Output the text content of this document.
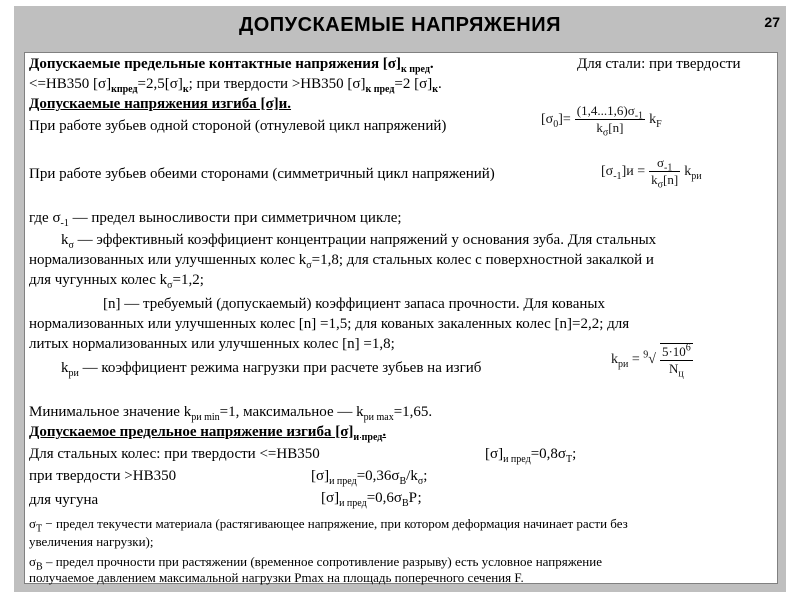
ДОПУСКАЕМЫЕ НАПРЯЖЕНИЯ	27
Допускаемые предельные контактные напряжения $[\sigma]_{к пред}$.	Для стали: при твердости
<=НВ350 $[\sigma]_{кпред}=2,5[\sigma]_к$; при твердости >НВ350 $[\sigma]_{к пред}=2$ $[\sigma]_к$.
Допускаемые напряжения изгиба [σ]и.
При работе зубьев одной стороной (отнулевой цикл напряжений)	$[\sigma_0]= \frac{(1,4...1,6)\sigma_{-1}}{k_\sigma[n]} k_F$
При работе зубьев обеими сторонами (симметричный цикл напряжений)	$[\sigma_{-1}]и = \frac{\sigma_{-1}}{k_\sigma[n]} k_{ри}$
где $\sigma_{-1}$ — предел выносливости при симметричном цикле;
$k_\sigma$ — эффективный коэффициент концентрации напряжений у основания зуба. Для стальных
нормализованных или улучшенных колес $k_\sigma=1,8$; для стальных колес с поверхностной закалкой и
для чугунных колес $k_\sigma=1,2$;
[n] — требуемый (допускаемый) коэффициент запаса прочности. Для кованых
нормализованных или улучшенных колес [n] =1,5; для кованых закаленных колес [n]=2,2; для
литых нормализованных или улучшенных колес [n] =1,8;
$k_{ри}$ — коэффициент режима нагрузки при расчете зубьев на изгиб
$k_{ри} = ^9√ \frac{5\cdot 10^6}{N_ц}$
Минимальное значение $k_{ри min}=1$, максимальное — $k_{ри max}=1,65$.
Допускаемое предельное напряжение изгиба $[\sigma]_{и пред}$.
Для стальных колес: при твердости <=НВ350	$[\sigma]_{и пред}=0,8\sigma_Т$;
при твердости >НВ350	$[\sigma]_{и пред}=0,36\sigma_В/k_\sigma$;
для чугуна	$[\sigma]_{и пред}=0,6\sigma_ВР$;
$\sigma_Т$ − предел текучести материала (растягивающее напряжение, при котором деформация начинает расти без
увеличения нагрузки);
$\sigma_В$ – предел прочности при растяжении (временное сопротивление разрыву) есть условное напряжение
получаемое давлением максимальной нагрузки Рmax на площадь поперечного сечения F.
